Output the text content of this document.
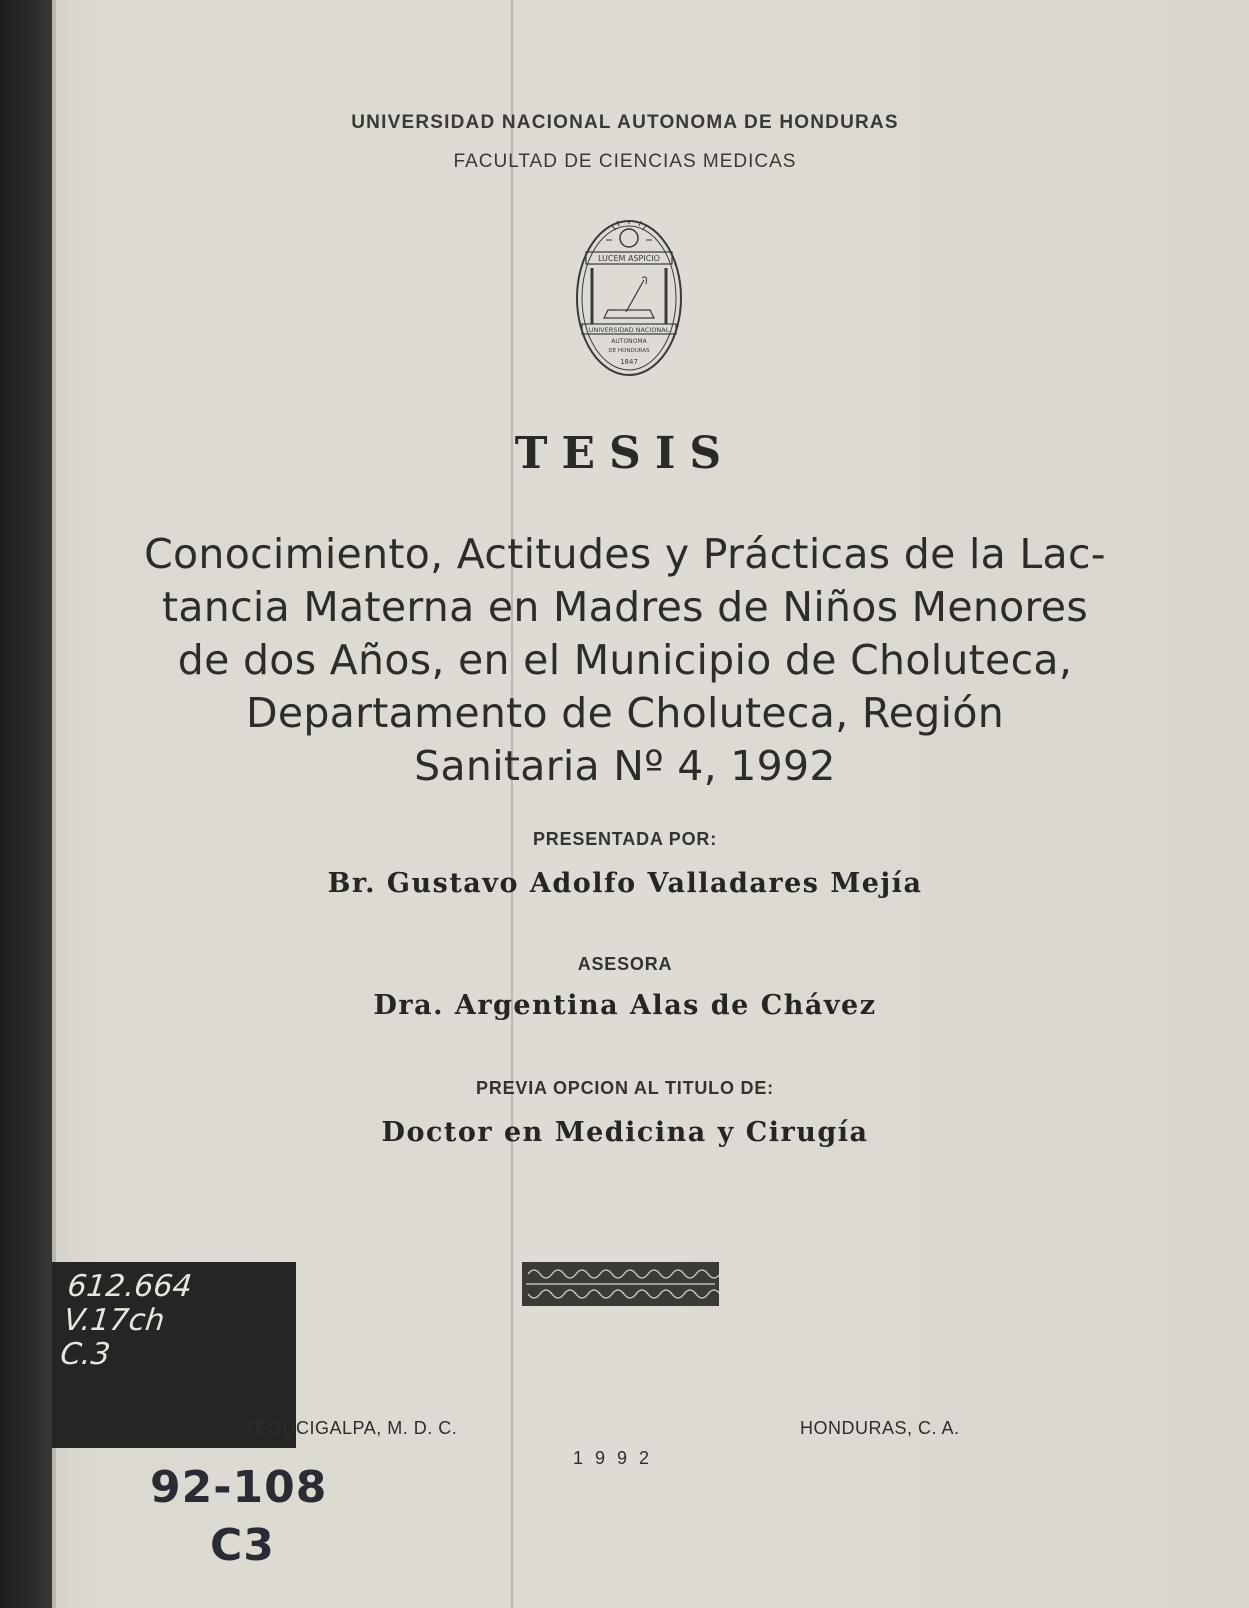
UNIVERSIDAD NACIONAL AUTONOMA DE HONDURAS
FACULTAD DE CIENCIAS MEDICAS
LUCEM ASPICIO
UNIVERSIDAD NACIONAL
AUTONOMA
DE HONDURAS
1847
TESIS
Conocimiento, Actitudes y Prácticas de la Lac-
tancia Materna en Madres de Niños Menores
de dos Años, en el Municipio de Choluteca,
Departamento de Choluteca, Región
Sanitaria Nº 4, 1992
PRESENTADA POR:
Br. Gustavo Adolfo Valladares Mejía
ASESORA
Dra. Argentina Alas de Chávez
PREVIA OPCION AL TITULO DE:
Doctor en Medicina y Cirugía
612.664
V.17ch
C.3
TEGUCIGALPA, M. D. C.
1992
HONDURAS, C. A.
92-108
C3
